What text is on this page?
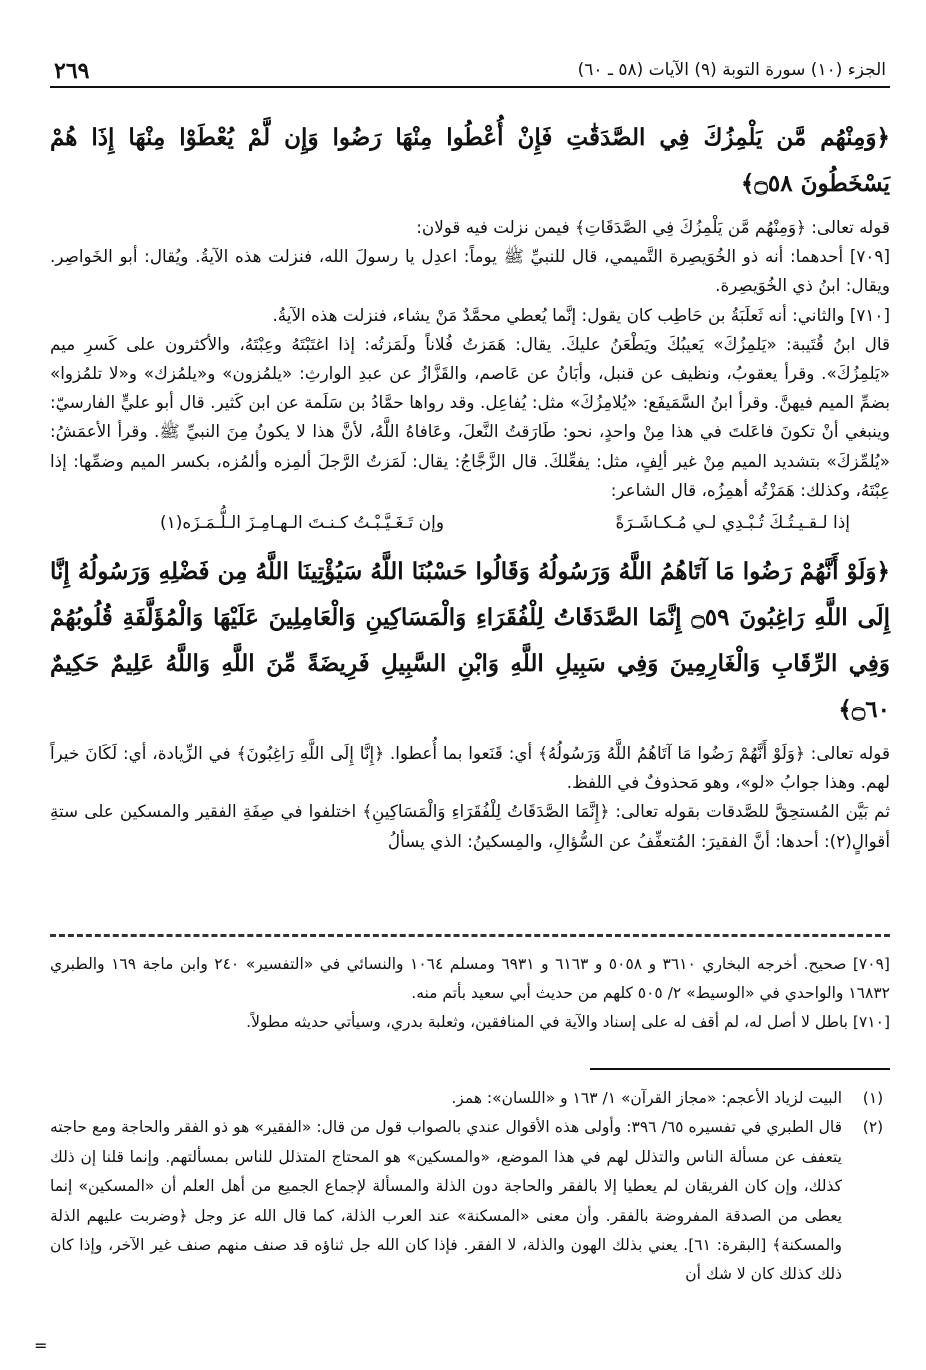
٢٦٩	الجزء (١٠) سورة التوبة (٩) الآيات (٥٨ ـ ٦٠)

﴿وَمِنْهُم مَّن يَلْمِزُكَ فِي الصَّدَقَٰتِ فَإِنْ أُعْطُوا مِنْهَا رَضُوا وَإِن لَّمْ يُعْطَوْا مِنْهَا إِذَا هُمْ يَسْخَطُونَ ۝٥٨﴾

قوله تعالى: ﴿وَمِنْهُم مَّن يَلْمِزُكَ فِي الصَّدَقَاتِ﴾ فيمن نزلت فيه قولان:

[٧٠٩] أحدهما: أنه ذو الخُوَيصِرة التَّميمي، قال للنبيِّ ﷺ يوماً: اعدِل يا رسولَ الله، فنزلت هذه الآيةُ. ويُقال: أبو الخَواصِر. ويقال: ابنُ ذي الخُوَيصِرة.

[٧١٠] والثاني: أنه ثَعلَبَةُ بن حَاطِب كان يقول: إنَّما يُعطي محمَّدٌ مَنْ يشاء، فنزلت هذه الآيةُ.

قال ابنُ قُتَيبة: «يَلمِزُكَ» يَعيبُكَ ويَطْعَنُ عليكَ. يقال: هَمَزتُ فُلاناً ولَمَزتُه: إذا اغتَبْتَهُ وعِبْتَهُ، والأكثرون على كَسرِ ميم «يَلمِزُكَ». وقرأ يعقوبُ، ونظيف عن قنبل، وأبَانُ عن عَاصم، والقَزَّازُ عن عبدِ الوارثِ: «يلمُزون» و«يلمُزك» و«لا تلمُزوا» بضمِّ الميم فيهنَّ. وقرأ ابنُ السَّمَيفَع: «يُلامِزُكَ» مثل: يُفاعِل. وقد رواها حمَّادُ بن سَلَمة عن ابن كَثير. قال أبو عليٍّ الفارسيّ: وينبغي أنْ تكونَ فاعَلتَ في هذا مِنْ واحدٍ، نحو: طَارَقتُ النَّعلَ، وعَافاهُ اللَّهُ، لأنَّ هذا لا يكونُ مِنَ النبيِّ ﷺ. وقرأ الأعمَشُ: «يُلمِّزكَ» بتشديد الميم مِنْ غير ألِفٍ، مثل: يفعِّلكَ. قال الزَّجَّاجُ: يقال: لَمَزتُ الرَّجلَ ألمِزه وألمُزه، بكسر الميم وضمِّها: إذا عِبْتَهُ، وكذلك: هَمَزْتُه أهمِزُه، قال الشاعر:

إذا لـقـيـتُـكَ تُـبْـدِي لـي مُـكـاشَـرَةً
وإن تَـغَـيَّـبْـتُ كـنـتَ الـهـامِـزَ الـلُّـمَـزَه(١)

﴿وَلَوْ أَنَّهُمْ رَضُوا مَا آتَاهُمُ اللَّهُ وَرَسُولُهُ وَقَالُوا حَسْبُنَا اللَّهُ سَيُؤْتِينَا اللَّهُ مِن فَضْلِهِ وَرَسُولُهُ إِنَّا إِلَى اللَّهِ رَاغِبُونَ ۝٥٩ إِنَّمَا الصَّدَقَاتُ لِلْفُقَرَاءِ وَالْمَسَاكِينِ وَالْعَامِلِينَ عَلَيْهَا وَالْمُؤَلَّفَةِ قُلُوبُهُمْ وَفِي الرِّقَابِ وَالْغَارِمِينَ وَفِي سَبِيلِ اللَّهِ وَابْنِ السَّبِيلِ فَرِيضَةً مِّنَ اللَّهِ وَاللَّهُ عَلِيمٌ حَكِيمٌ ۝٦٠﴾

قوله تعالى: ﴿وَلَوْ أَنَّهُمْ رَضُوا مَا آتَاهُمُ اللَّهُ وَرَسُولُهُ﴾ أي: قَنَعوا بما أُعطوا. ﴿إِنَّا إِلَى اللَّهِ رَاغِبُونَ﴾ في الزِّيادة، أي: لَكَانَ خيراً لهم. وهذا جوابُ «لو»، وهو مَحذوفٌ في اللفظ.

ثم بَيَّن المُستحِقَّ للصَّدقات بقوله تعالى: ﴿إِنَّمَا الصَّدَقَاتُ لِلْفُقَرَاءِ وَالْمَسَاكِينِ﴾ اختلفوا في صِفَةِ الفقير والمسكين على ستةِ أقوالٍ(٢): أحدها: أنَّ الفقيرَ: المُتعفِّفُ عن السُّؤالِ، والمِسكينُ: الذي يسألُ

[٧٠٩] صحيح. أخرجه البخاري ٣٦١٠ و ٥٠٥٨ و ٦١٦٣ و ٦٩٣١ ومسلم ١٠٦٤ والنسائي في «التفسير» ٢٤٠ وابن ماجة ١٦٩ والطبري ١٦٨٣٢ والواحدي في «الوسيط» ٢/ ٥٠٥ كلهم من حديث أبي سعيد بأتم منه.
[٧١٠] باطل لا أصل له، لم أقف له على إسناد والآية في المنافقين، وثعلبة بدري، وسيأتي حديثه مطولاً.
(١)
البيت لزياد الأعجم: «مجاز القرآن» ١/ ١٦٣ و «اللسان»: همز.
(٢)
قال الطبري في تفسيره ٦٥/ ٣٩٦: وأولى هذه الأقوال عندي بالصواب قول من قال: «الفقير» هو ذو الفقر والحاجة ومع حاجته يتعفف عن مسألة الناس والتذلل لهم في هذا الموضع، «والمسكين» هو المحتاج المتذلل للناس بمسألتهم. وإنما قلنا إن ذلك كذلك، وإن كان الفريقان لم يعطيا إلا بالفقر والحاجة دون الذلة والمسألة لإجماع الجميع من أهل العلم أن «المسكين» إنما يعطى من الصدقة المفروضة بالفقر. وأن معنى «المسكنة» عند العرب الذلة، كما قال الله عز وجل ﴿وضربت عليهم الذلة والمسكنة﴾ [البقرة: ٦١]. يعني بذلك الهون والذلة، لا الفقر. فإذا كان الله جل ثناؤه قد صنف منهم صنف غير الآخر، وإذا كان ذلك كذلك كان لا شك أن
=
